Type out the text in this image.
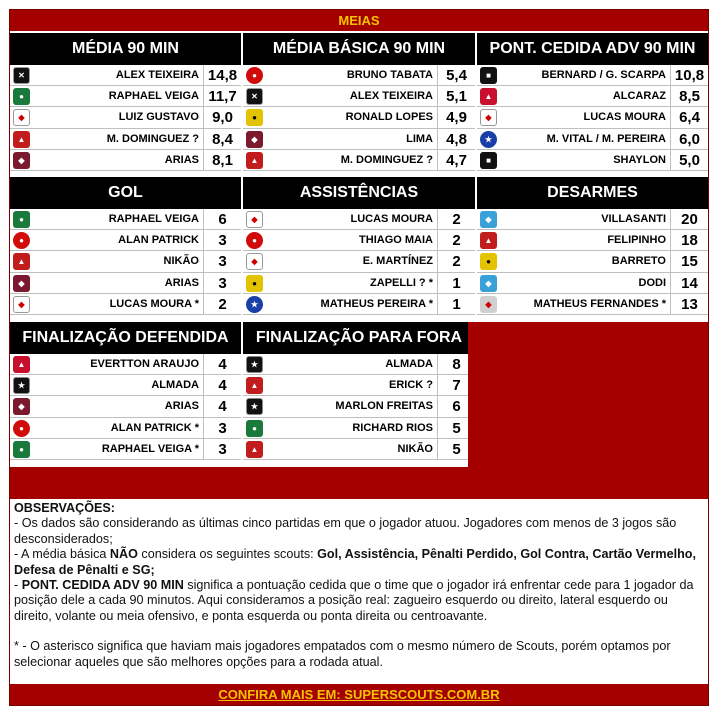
MEIAS
MÉDIA 90 MIN
✕	ALEX TEIXEIRA 14,8
●	RAPHAEL VEIGA 11,7
◆	LUIZ GUSTAVO 9,0
▲	M. DOMINGUEZ ? 8,4
◆	ARIAS 8,1
MÉDIA BÁSICA 90 MIN
●	BRUNO TABATA 5,4
✕	ALEX TEIXEIRA 5,1
●	RONALD LOPES 4,9
◆	LIMA 4,8
▲	M. DOMINGUEZ ? 4,7
PONT. CEDIDA ADV 90 MIN
■	BERNARD / G. SCARPA 10,8
▲	ALCARAZ 8,5
◆	LUCAS MOURA 6,4
★	M. VITAL / M. PEREIRA 6,0
■	SHAYLON 5,0
GOL
●	RAPHAEL VEIGA	6
●	ALAN PATRICK	3
▲	NIKÃO	3
◆	ARIAS	3
◆	LUCAS MOURA *	2
ASSISTÊNCIAS
◆	LUCAS MOURA	2
●	THIAGO MAIA	2
◆	E. MARTÍNEZ	2
●	ZAPELLI ? *	1
★	MATHEUS PEREIRA *	1
DESARMES
◆	VILLASANTI	20
▲	FELIPINHO	18
●	BARRETO	15
◆	DODI	14
◆	MATHEUS FERNANDES *	13
FINALIZAÇÃO DEFENDIDA
▲	EVERTTON ARAUJO	4
★	ALMADA	4
◆	ARIAS	4
●	ALAN PATRICK *	3
●	RAPHAEL VEIGA *	3
FINALIZAÇÃO PARA FORA
★	ALMADA	8
▲	ERICK ?	7
★	MARLON FREITAS	6
●	RICHARD RIOS	5
▲	NIKÃO	5

OBSERVAÇÕES:

- Os dados são considerando as últimas cinco partidas em que o jogador atuou. Jogadores com menos de 3 jogos são desconsiderados;

- A média básica NÃO considera os seguintes scouts: Gol, Assistência, Pênalti Perdido, Gol Contra, Cartão Vermelho, Defesa de Pênalti e SG;

- PONT. CEDIDA ADV 90 MIN significa a pontuação cedida que o time que o jogador irá enfrentar cede para 1 jogador da posição dele a cada 90 minutos. Aqui consideramos a posição real: zagueiro esquerdo ou direito, lateral esquerdo ou direito, volante ou meia ofensivo, e ponta esquerda ou ponta direita ou centroavante.

* - O asterisco significa que haviam mais jogadores empatados com o mesmo número de Scouts, porém optamos por selecionar aqueles que são melhores opções para a rodada atual.

CONFIRA MAIS EM: SUPERSCOUTS.COM.BR
